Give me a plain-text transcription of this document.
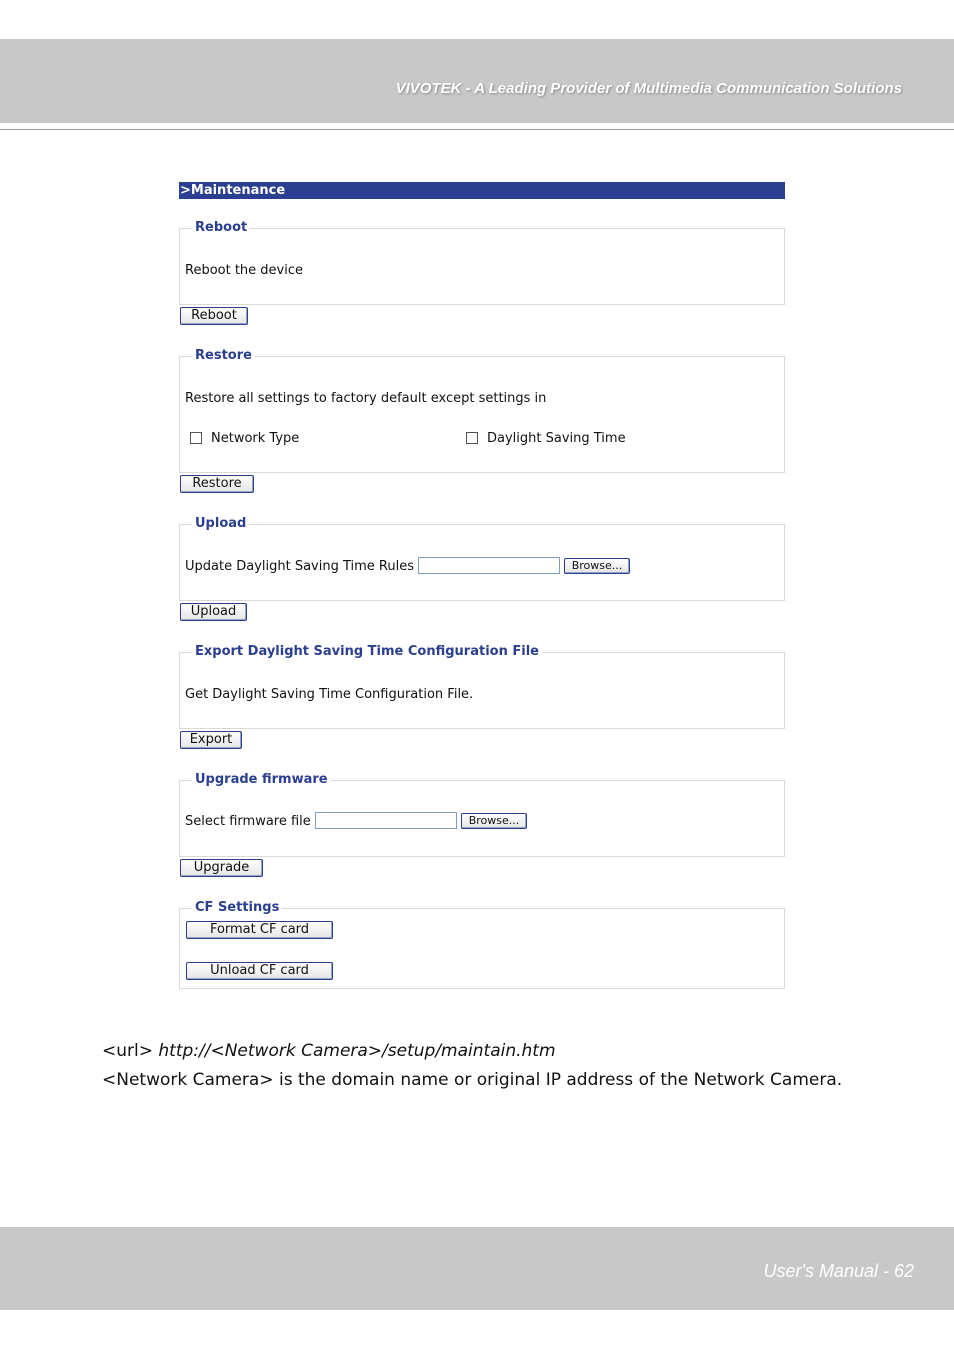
VIVOTEK - A Leading Provider of Multimedia Communication Solutions
>Maintenance
Reboot
Reboot the device
Reboot
Restore
Restore all settings to factory default except settings in
Network Type	Daylight Saving Time
Restore
Upload
Update Daylight Saving Time Rules	Browse...
Upload
Export Daylight Saving Time Configuration File
Get Daylight Saving Time Configuration File.
Export
Upgrade firmware
Select firmware file	Browse...
Upgrade
CF Settings
Format CF card
Unload CF card
<url> http://<Network Camera>/setup/maintain.htm
<Network Camera> is the domain name or original IP address of the Network Camera.
User's Manual - 62
